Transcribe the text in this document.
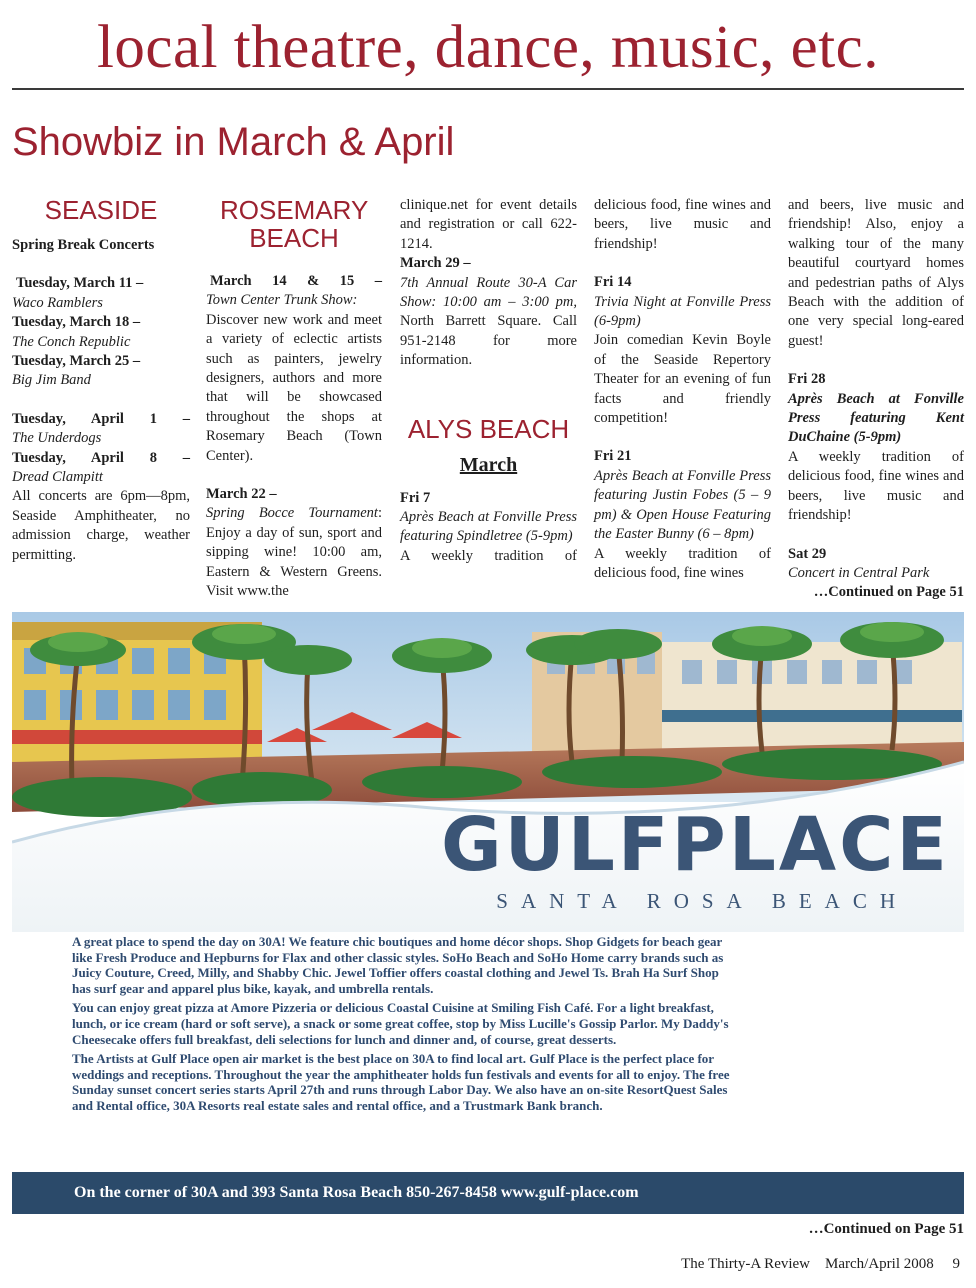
local theatre, dance, music, etc.
Showbiz in March & April
SEASIDE

Spring Break Concerts

Tuesday, March 11 –

Waco Ramblers

Tuesday, March 18 –

The Conch Republic

Tuesday, March 25 –

Big Jim Band

Tuesday, April 1 –

The Underdogs

Tuesday, April 8 –

Dread Clampitt

All concerts are 6pm—8pm, Seaside Amphitheater, no admission charge, weather permitting.

ROSEMARY BEACH

March 14 & 15 –

Town Center Trunk Show:

Discover new work and meet a variety of eclectic artists such as painters, jewelry designers, authors and more that will be showcased throughout the shops at Rosemary Beach (Town Center).

March 22 –

Spring Bocce Tournament: Enjoy a day of sun, sport and sipping wine! 10:00 am, Eastern & Western Greens. Visit www.the

clinique.net for event details and registration or call 622-1214.

March 29 –

7th Annual Route 30-A Car Show: 10:00 am – 3:00 pm, North Barrett Square. Call 951-2148 for more information.

ALYS BEACH

March

Fri 7

Après Beach at Fonville Press featuring Spindletree (5-9pm)

A weekly tradition of

delicious food, fine wines and beers, live music and friendship!

Fri 14

Trivia Night at Fonville Press (6-9pm)

Join comedian Kevin Boyle of the Seaside Repertory Theater for an evening of fun facts and friendly competition!

Fri 21

Après Beach at Fonville Press featuring Justin Fobes (5 – 9 pm) & Open House Featuring the Easter Bunny (6 – 8pm)

A weekly tradition of delicious food, fine wines

and beers, live music and friendship! Also, enjoy a walking tour of the many beautiful courtyard homes and pedestrian paths of Alys Beach with the addition of one very special long-eared guest!

Fri 28

Après Beach at Fonville Press featuring Kent DuChaine (5-9pm)

A weekly tradition of delicious food, fine wines and beers, live music and friendship!

Sat 29

Concert in Central Park

…Continued on Page 51

GULFPLACE
SANTA ROSA BEACH

A great place to spend the day on 30A! We feature chic boutiques and home décor shops. Shop Gidgets for beach gear like Fresh Produce and Hepburns for Flax and other classic styles. SoHo Beach and SoHo Home carry brands such as Juicy Couture, Creed, Milly, and Shabby Chic. Jewel Toffier offers coastal clothing and Jewel Ts. Brah Ha Surf Shop has surf gear and apparel plus bike, kayak, and umbrella rentals.

You can enjoy great pizza at Amore Pizzeria or delicious Coastal Cuisine at Smiling Fish Café. For a light breakfast, lunch, or ice cream (hard or soft serve), a snack or some great coffee, stop by Miss Lucille's Gossip Parlor. My Daddy's Cheesecake offers full breakfast, deli selections for lunch and dinner and, of course, great desserts.

The Artists at Gulf Place open air market is the best place on 30A to find local art. Gulf Place is the perfect place for weddings and receptions. Throughout the year the amphitheater holds fun festivals and events for all to enjoy. The free Sunday sunset concert series starts April 27th and runs through Labor Day. We also have an on-site ResortQuest Sales and Rental office, 30A Resorts real estate sales and rental office, and a Trustmark Bank branch.

On the corner of 30A and 393 Santa Rosa Beach 850-267-8458 www.gulf-place.com
…Continued on Page 51
The Thirty-A Review March/April 2008 9
